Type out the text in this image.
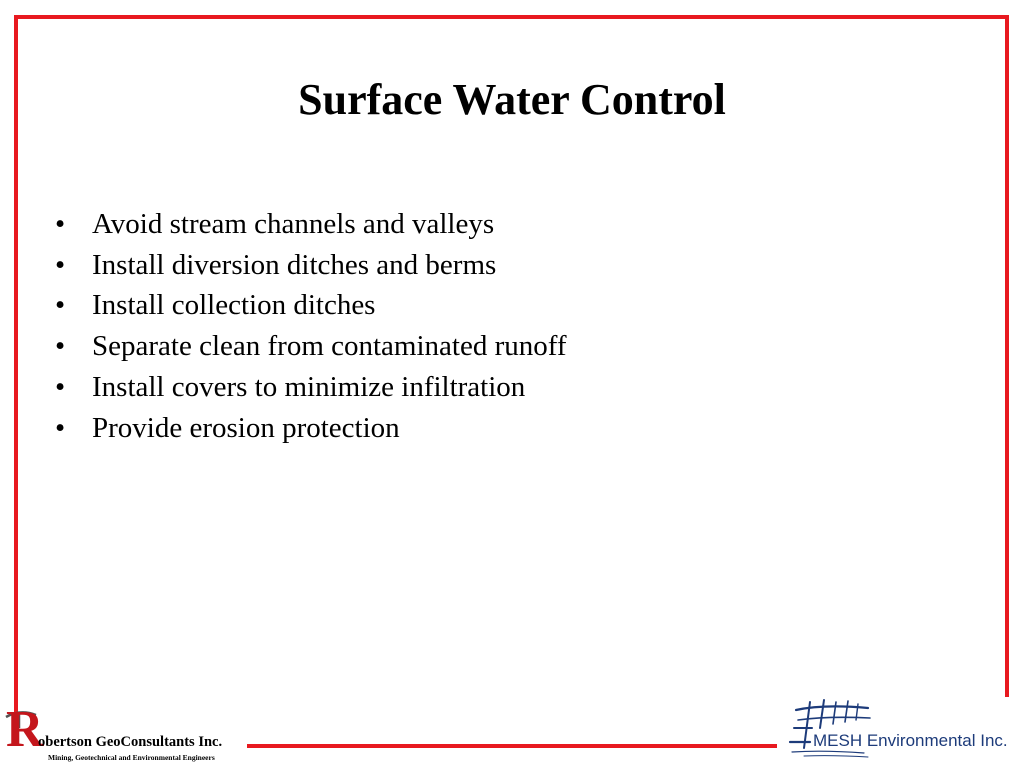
Surface Water Control
• Avoid stream channels and valleys
• Install diversion ditches and berms
• Install collection ditches
• Separate clean from contaminated runoff
• Install covers to minimize infiltration
• Provide erosion protection
R
obertson GeoConsultants Inc.
Mining, Geotechnical and Environmental Engineers
MESH Environmental Inc.
